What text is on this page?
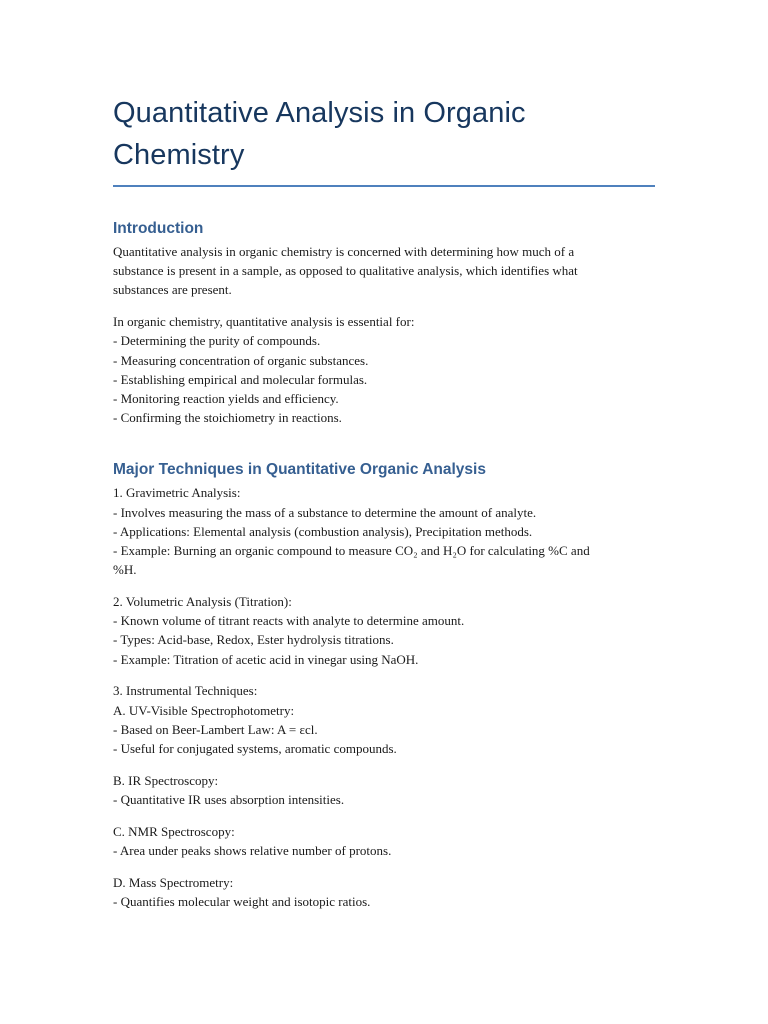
Quantitative Analysis in Organic Chemistry
Introduction

Quantitative analysis in organic chemistry is concerned with determining how much of a
substance is present in a sample, as opposed to qualitative analysis, which identifies what
substances are present.

In organic chemistry, quantitative analysis is essential for:
- Determining the purity of compounds.
- Measuring concentration of organic substances.
- Establishing empirical and molecular formulas.
- Monitoring reaction yields and efficiency.
- Confirming the stoichiometry in reactions.

Major Techniques in Quantitative Organic Analysis

1. Gravimetric Analysis:
- Involves measuring the mass of a substance to determine the amount of analyte.
- Applications: Elemental analysis (combustion analysis), Precipitation methods.
- Example: Burning an organic compound to measure CO₂ and H₂O for calculating %C and
%H.

2. Volumetric Analysis (Titration):
- Known volume of titrant reacts with analyte to determine amount.
- Types: Acid-base, Redox, Ester hydrolysis titrations.
- Example: Titration of acetic acid in vinegar using NaOH.

3. Instrumental Techniques:
A. UV-Visible Spectrophotometry:
- Based on Beer-Lambert Law: A = εcl.
- Useful for conjugated systems, aromatic compounds.

B. IR Spectroscopy:
- Quantitative IR uses absorption intensities.

C. NMR Spectroscopy:
- Area under peaks shows relative number of protons.

D. Mass Spectrometry:
- Quantifies molecular weight and isotopic ratios.
